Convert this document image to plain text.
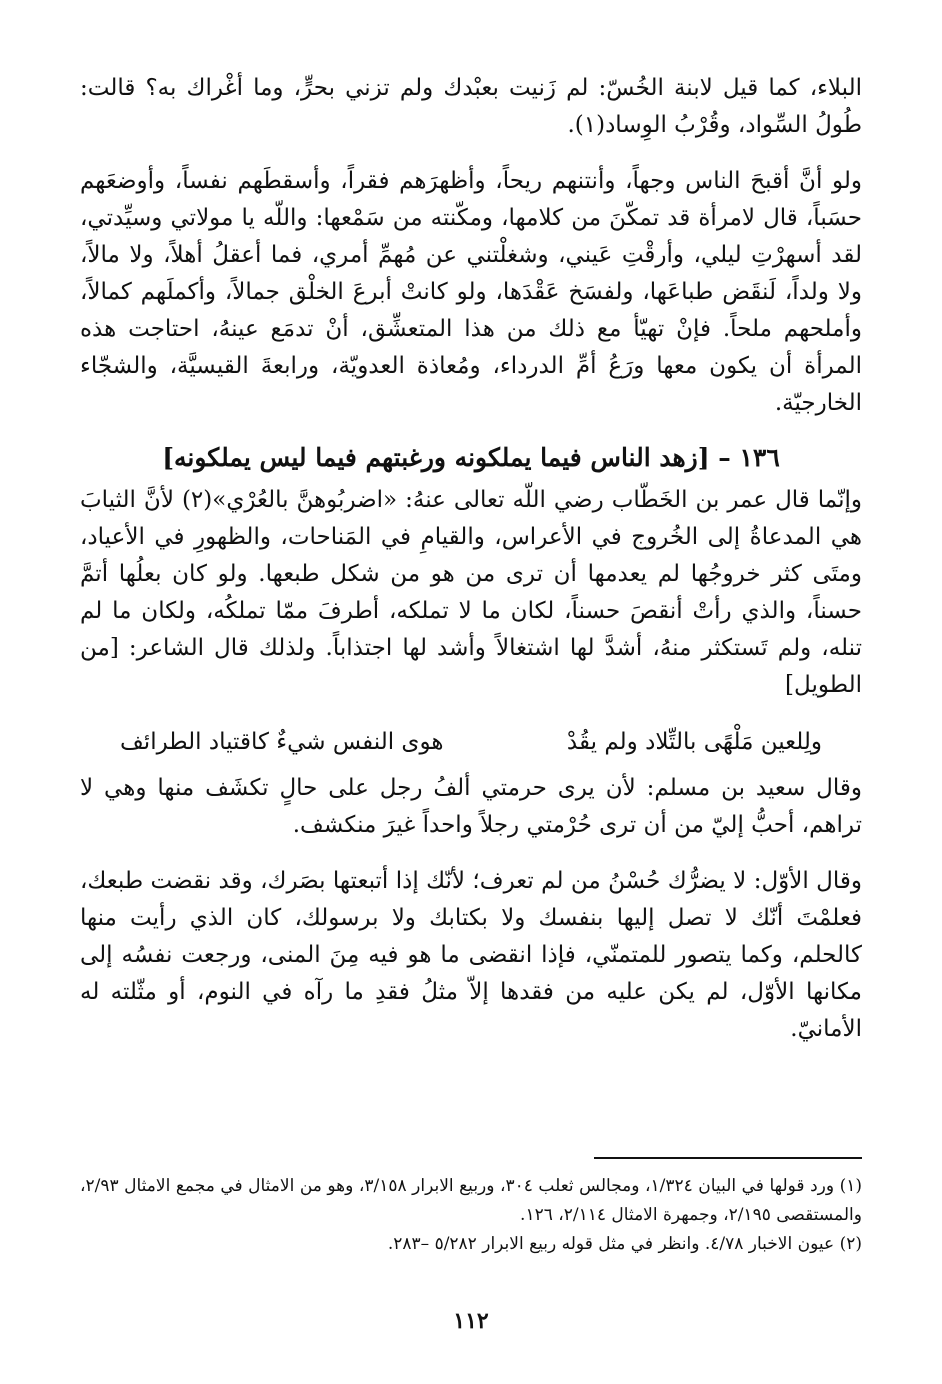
البلاء، كما قيل لابنة الخُسّ: لم زَنيت بعبْدك ولم تزني بحرٍّ، وما أغْراك به؟ قالت: طُولُ السِّواد، وقُرْبُ الوِساد(١).

ولو أنَّ أقبحَ الناس وجهاً، وأنتنهم ريحاً، وأظهرَهم فقراً، وأسقطَهم نفساً، وأوضعَهم حسَباً، قال لامرأة قد تمكّنَ من كلامها، ومكّنته من سَمْعها: واللّه يا مولاتي وسيِّدتي، لقد أسهرْتِ ليلي، وأرقْتِ عَيني، وشغلْتني عن مُهمِّ أمري، فما أعقلُ أهلاً، ولا مالاً، ولا ولداً، لَنقَض طباعَها، ولفسَخ عَقْدَها، ولو كانتْ أبرعَ الخلْق جمالاً، وأكملَهم كمالاً، وأملحهم ملحاً. فإنْ تهيّأ مع ذلك من هذا المتعشِّق، أنْ تدمَع عينهُ، احتاجت هذه المرأة أن يكون معها ورَعُ أمِّ الدرداء، ومُعاذة العدويّة، ورابعةَ القيسيَّة، والشجّاء الخارجيّة.

١٣٦ – [زهد الناس فيما يملكونه ورغبتهم فيما ليس يملكونه]

وإنّما قال عمر بن الخَطّاب رضي اللّه تعالى عنهُ: «اضربُوهنَّ بالعُرْي»(٢) لأنَّ الثيابَ هي المدعاةُ إلى الخُروج في الأعراس، والقيامِ في المَناحات، والظهورِ في الأعياد، ومتَى كثر خروجُها لم يعدمها أن ترى من هو من شكل طبعها. ولو كان بعلُها أتمَّ حسناً، والذي رأتْ أنقصَ حسناً، لكان ما لا تملكه، أطرفَ ممّا تملكُه، ولكان ما لم تنله، ولم تَستكثر منهُ، أشدَّ لها اشتغالاً وأشد لها اجتذاباً. ولذلك قال الشاعر: [من الطويل]

ولِلعين مَلْهًى بالتِّلاد ولم يقُدْ
هوى النفس شيءٌ كاقتياد الطرائف

وقال سعيد بن مسلم: لأن يرى حرمتي ألفُ رجل على حالٍ تكشَف منها وهي لا تراهم، أحبُّ إليّ من أن ترى حُرْمتي رجلاً واحداً غيرَ منكشف.

وقال الأوّل: لا يضرُّك حُسْنُ من لم تعرف؛ لأنّك إذا أتبعتها بصَرك، وقد نقضت طبعك، فعلمْتَ أنّك لا تصل إليها بنفسك ولا بكتابك ولا برسولك، كان الذي رأيت منها كالحلم، وكما يتصور للمتمنّي، فإذا انقضى ما هو فيه مِنَ المنى، ورجعت نفسُه إلى مكانها الأوّل، لم يكن عليه من فقدها إلاّ مثلُ فقدِ ما رآه في النوم، أو مثّلته له الأمانيّ.

(١) ورد قولها في البيان ١/٣٢٤، ومجالس ثعلب ٣٠٤، وربيع الابرار ٣/١٥٨، وهو من الامثال في مجمع الامثال ٢/٩٣، والمستقصى ٢/١٩٥، وجمهرة الامثال ٢/١١٤، ١٢٦.

(٢) عيون الاخبار ٤/٧٨. وانظر في مثل قوله ربيع الابرار ٥/٢٨٢ –٢٨٣.

١١٢
